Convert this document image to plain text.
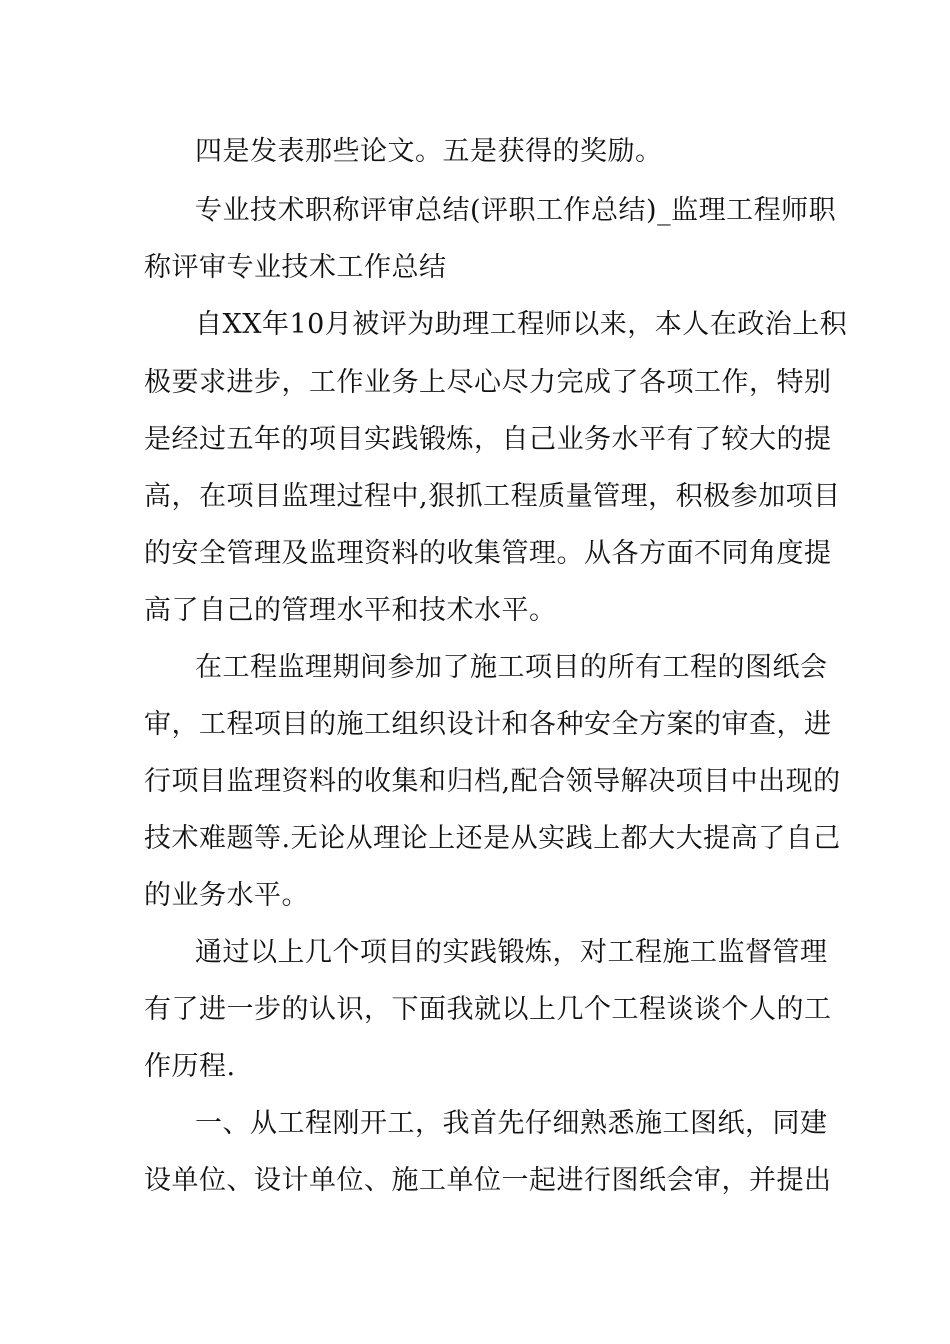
四是发表那些论文。五是获得的奖励。
专业技术职称评审总结(评职工作总结)_监理工程师职
称评审专业技术工作总结
自XX年10月被评为助理工程师以来，本人在政治上积
极要求进步，工作业务上尽心尽力完成了各项工作，特别
是经过五年的项目实践锻炼，自己业务水平有了较大的提
高，在项目监理过程中,狠抓工程质量管理，积极参加项目
的安全管理及监理资料的收集管理。从各方面不同角度提
高了自己的管理水平和技术水平。
在工程监理期间参加了施工项目的所有工程的图纸会
审，工程项目的施工组织设计和各种安全方案的审查，进
行项目监理资料的收集和归档,配合领导解决项目中出现的
技术难题等.无论从理论上还是从实践上都大大提高了自己
的业务水平。
通过以上几个项目的实践锻炼，对工程施工监督管理
有了进一步的认识，下面我就以上几个工程谈谈个人的工
作历程.
一、从工程刚开工，我首先仔细熟悉施工图纸，同建
设单位、设计单位、施工单位一起进行图纸会审，并提出
